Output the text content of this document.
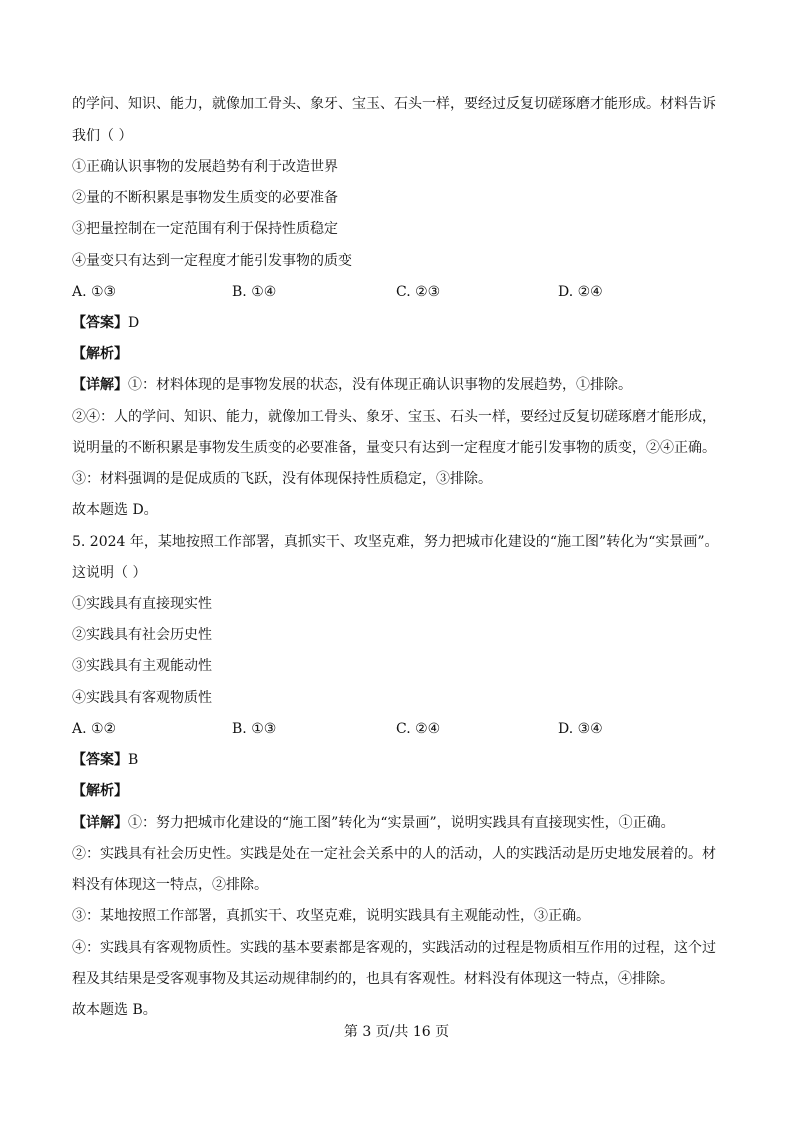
的学问、知识、能力，就像加工骨头、象牙、宝玉、石头一样，要经过反复切磋琢磨才能形成。材料告诉
我们（ ）
①正确认识事物的发展趋势有利于改造世界
②量的不断积累是事物发生质变的必要准备
③把量控制在一定范围有利于保持性质稳定
④量变只有达到一定程度才能引发事物的质变
A. ①③	B. ①④	C. ②③	D. ②④
【答案】D
【解析】
【详解】①：材料体现的是事物发展的状态，没有体现正确认识事物的发展趋势，①排除。
②④：人的学问、知识、能力，就像加工骨头、象牙、宝玉、石头一样，要经过反复切磋琢磨才能形成，
说明量的不断积累是事物发生质变的必要准备，量变只有达到一定程度才能引发事物的质变，②④正确。
③：材料强调的是促成质的飞跃，没有体现保持性质稳定，③排除。
故本题选 D。
5. 2024 年，某地按照工作部署，真抓实干、攻坚克难，努力把城市化建设的“施工图”转化为“实景画”。
这说明（ ）
①实践具有直接现实性
②实践具有社会历史性
③实践具有主观能动性
④实践具有客观物质性
A. ①②	B. ①③	C. ②④	D. ③④
【答案】B
【解析】
【详解】①：努力把城市化建设的“施工图”转化为“实景画”，说明实践具有直接现实性，①正确。
②：实践具有社会历史性。实践是处在一定社会关系中的人的活动，人的实践活动是历史地发展着的。材
料没有体现这一特点，②排除。
③：某地按照工作部署，真抓实干、攻坚克难，说明实践具有主观能动性，③正确。
④：实践具有客观物质性。实践的基本要素都是客观的，实践活动的过程是物质相互作用的过程，这个过
程及其结果是受客观事物及其运动规律制约的，也具有客观性。材料没有体现这一特点，④排除。
故本题选 B。
第 3 页/共 16 页
